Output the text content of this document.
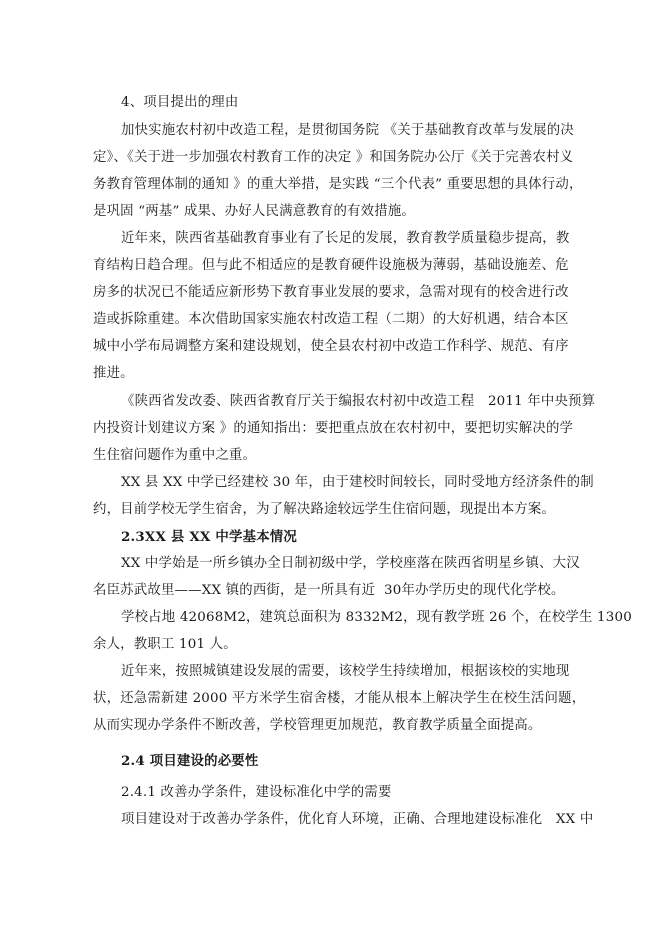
4、项目提出的理由
加快实施农村初中改造工程，是贯彻国务院 《关于基础教育改革与发展的决
定》、《关于进一步加强农村教育工作的决定 》和国务院办公厅《关于完善农村义
务教育管理体制的通知 》的重大举措，是实践 “三个代表” 重要思想的具体行动，
是巩固 “两基” 成果、办好人民满意教育的有效措施。
近年来，陕西省基础教育事业有了长足的发展，教育教学质量稳步提高，教
育结构日趋合理。但与此不相适应的是教育硬件设施极为薄弱，基础设施差、危
房多的状况已不能适应新形势下教育事业发展的要求，急需对现有的校舍进行改
造或拆除重建。本次借助国家实施农村改造工程（二期）的大好机遇，结合本区
城中小学布局调整方案和建设规划，使全县农村初中改造工作科学、规范、有序
推进。
《陕西省发改委、陕西省教育厅关于编报农村初中改造工程　2011 年中央预算
内投资计划建议方案 》的通知指出：要把重点放在农村初中，要把切实解决的学
生住宿问题作为重中之重。
XX 县 XX 中学已经建校 30 年，由于建校时间较长，同时受地方经济条件的制
约，目前学校无学生宿舍，为了解决路途较远学生住宿问题，现提出本方案。
2.3XX 县 XX 中学基本情况
XX 中学始是一所乡镇办全日制初级中学，学校座落在陕西省明星乡镇、大汉
名臣苏武故里——XX 镇的西街，是一所具有近  30年办学历史的现代化学校。
学校占地 42068M2，建筑总面积为 8332M2，现有教学班 26 个，在校学生 1300
余人，教职工 101 人。
近年来，按照城镇建设发展的需要，该校学生持续增加，根据该校的实地现
状，还急需新建 2000 平方米学生宿舍楼，才能从根本上解决学生在校生活问题，
从而实现办学条件不断改善，学校管理更加规范，教育教学质量全面提高。
2.4 项目建设的必要性
2.4.1 改善办学条件，建设标准化中学的需要
项目建设对于改善办学条件，优化育人环境，正确、合理地建设标准化　XX 中
